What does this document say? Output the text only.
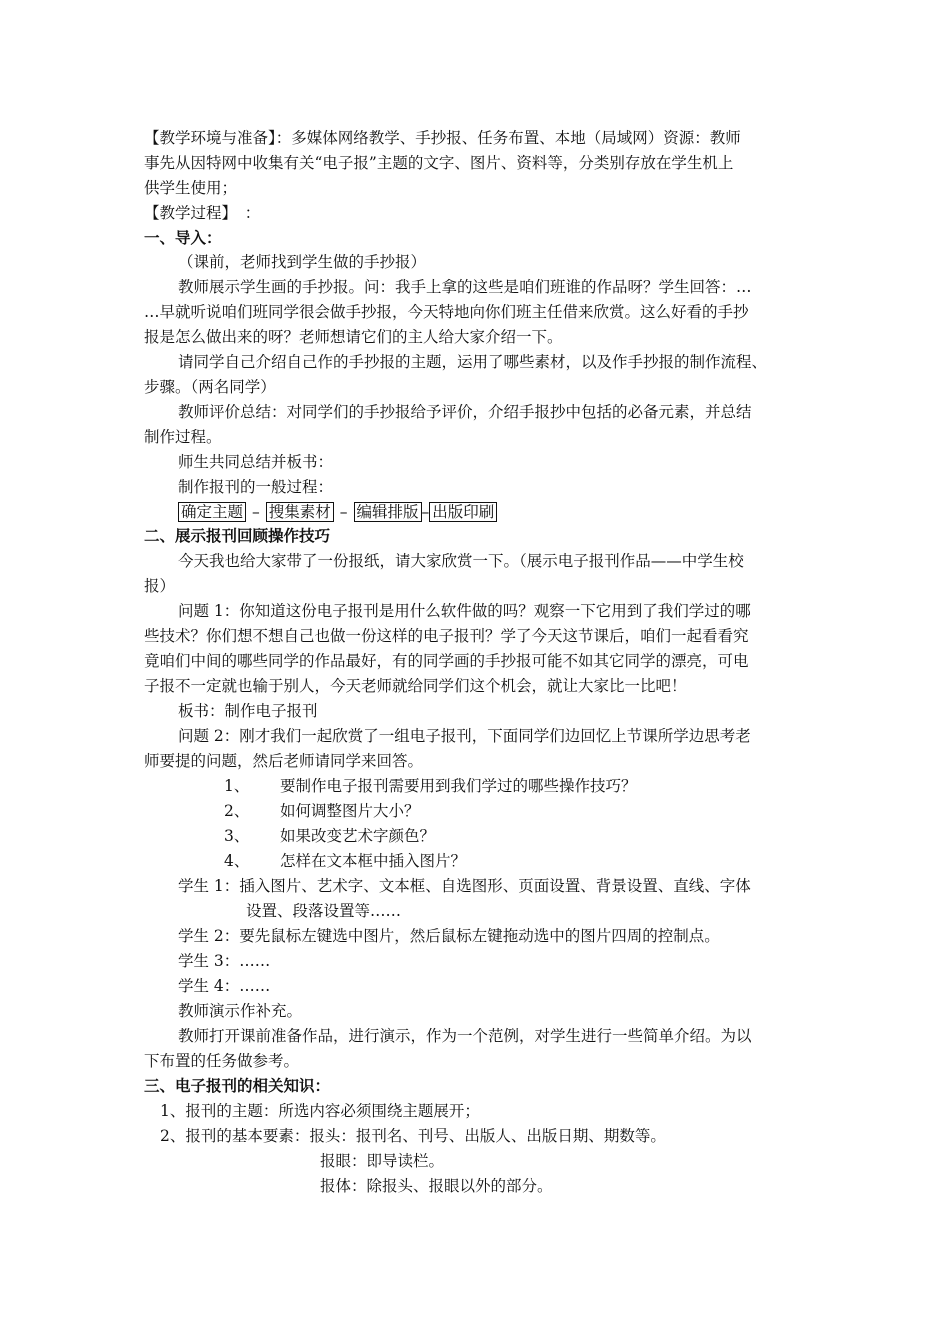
【教学环境与准备】：多媒体网络教学、手抄报、任务布置、本地（局域网）资源：教师
事先从因特网中收集有关“电子报”主题的文字、图片、资料等，分类别存放在学生机上
供学生使用；
【教学过程】　：
一、导入：
（课前，老师找到学生做的手抄报）
教师展示学生画的手抄报。问：我手上拿的这些是咱们班谁的作品呀？学生回答：…
…早就听说咱们班同学很会做手抄报，今天特地向你们班主任借来欣赏。这么好看的手抄
报是怎么做出来的呀？老师想请它们的主人给大家介绍一下。
请同学自己介绍自己作的手抄报的主题，运用了哪些素材，以及作手抄报的制作流程、
步骤。（两名同学）
教师评价总结：对同学们的手抄报给予评价，介绍手报抄中包括的必备元素，并总结
制作过程。
师生共同总结并板书：
制作报刊的一般过程：
确定主题 – 搜集素材 – 编辑排版 – 出版印刷
二、展示报刊回顾操作技巧
今天我也给大家带了一份报纸，请大家欣赏一下。（展示电子报刊作品——中学生校
报）
问题 1：你知道这份电子报刊是用什么软件做的吗？观察一下它用到了我们学过的哪
些技术？你们想不想自己也做一份这样的电子报刊？学了今天这节课后，咱们一起看看究
竟咱们中间的哪些同学的作品最好，有的同学画的手抄报可能不如其它同学的漂亮，可电
子报不一定就也输于别人，今天老师就给同学们这个机会，就让大家比一比吧！
板书：制作电子报刊
问题 2：刚才我们一起欣赏了一组电子报刊，下面同学们边回忆上节课所学边思考老
师要提的问题，然后老师请同学来回答。
1、 要制作电子报刊需要用到我们学过的哪些操作技巧？
2、 如何调整图片大小？
3、 如果改变艺术字颜色？
4、 怎样在文本框中插入图片？
学生 1：插入图片、艺术字、文本框、自选图形、页面设置、背景设置、直线、字体
设置、段落设置等……
学生 2：要先鼠标左键选中图片，然后鼠标左键拖动选中的图片四周的控制点。
学生 3：……
学生 4：……
教师演示作补充。
教师打开课前准备作品，进行演示，作为一个范例，对学生进行一些简单介绍。为以
下布置的任务做参考。
三、电子报刊的相关知识：
1、报刊的主题：所选内容必须围绕主题展开；
2、报刊的基本要素：报头：报刊名、刊号、出版人、出版日期、期数等。
报眼：即导读栏。
报体：除报头、报眼以外的部分。
